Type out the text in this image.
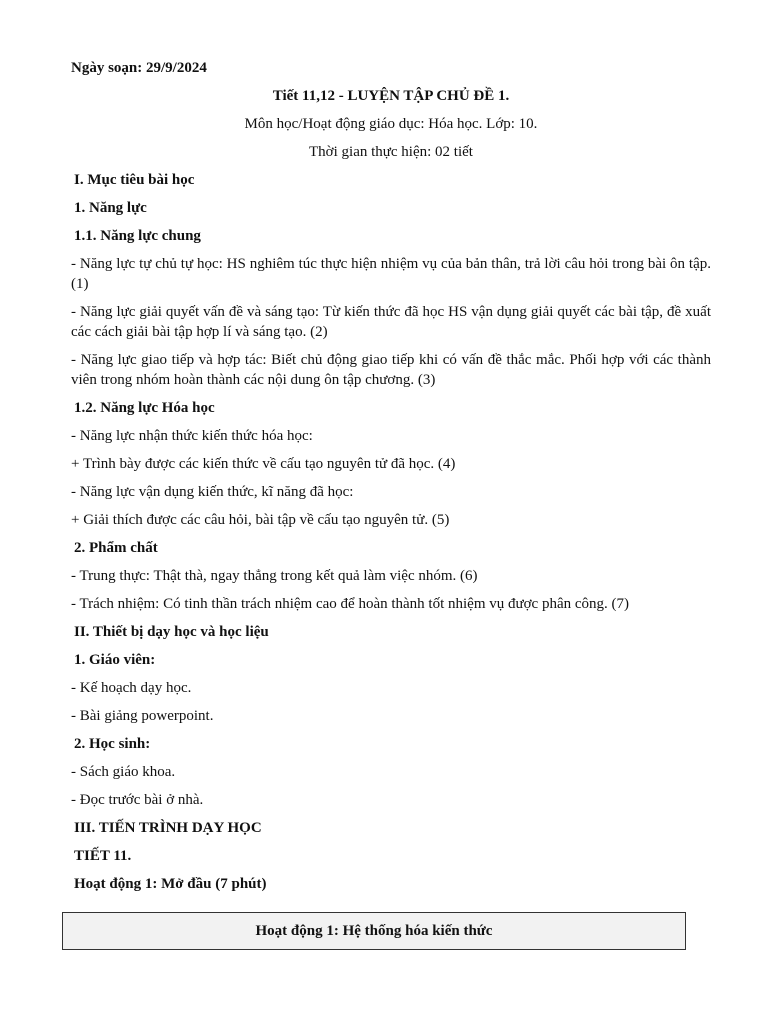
Ngày soạn: 29/9/2024
Tiết 11,12 - LUYỆN TẬP CHỦ ĐỀ 1.
Môn học/Hoạt động giáo dục: Hóa học. Lớp: 10.
Thời gian thực hiện: 02 tiết
I. Mục tiêu bài học
1. Năng lực
1.1. Năng lực chung
- Năng lực tự chủ tự học: HS nghiêm túc thực hiện nhiệm vụ của bản thân, trả lời câu hỏi trong bài ôn tập. (1)
- Năng lực giải quyết vấn đề và sáng tạo: Từ kiến thức đã học HS vận dụng giải quyết các bài tập, đề xuất các cách giải bài tập hợp lí và sáng tạo. (2)
- Năng lực giao tiếp và hợp tác: Biết chủ động giao tiếp khi có vấn đề thắc mắc. Phối hợp với các thành viên trong nhóm hoàn thành các nội dung ôn tập chương. (3)
1.2. Năng lực Hóa học
- Năng lực nhận thức kiến thức hóa học:
+ Trình bày được các kiến thức về cấu tạo nguyên tử đã học. (4)
- Năng lực vận dụng kiến thức, kĩ năng đã học:
+ Giải thích được các câu hỏi, bài tập về cấu tạo nguyên tử. (5)
2. Phẩm chất
- Trung thực: Thật thà, ngay thẳng trong kết quả làm việc nhóm. (6)
- Trách nhiệm: Có tinh thần trách nhiệm cao để hoàn thành tốt nhiệm vụ được phân công. (7)
II. Thiết bị dạy học và học liệu
1. Giáo viên:
- Kế hoạch dạy học.
- Bài giảng powerpoint.
2. Học sinh:
- Sách giáo khoa.
- Đọc trước bài ở nhà.
III. TIẾN TRÌNH DẠY HỌC
TIẾT 11.
Hoạt động 1: Mở đầu (7 phút)
Hoạt động 1: Hệ thống hóa kiến thức
